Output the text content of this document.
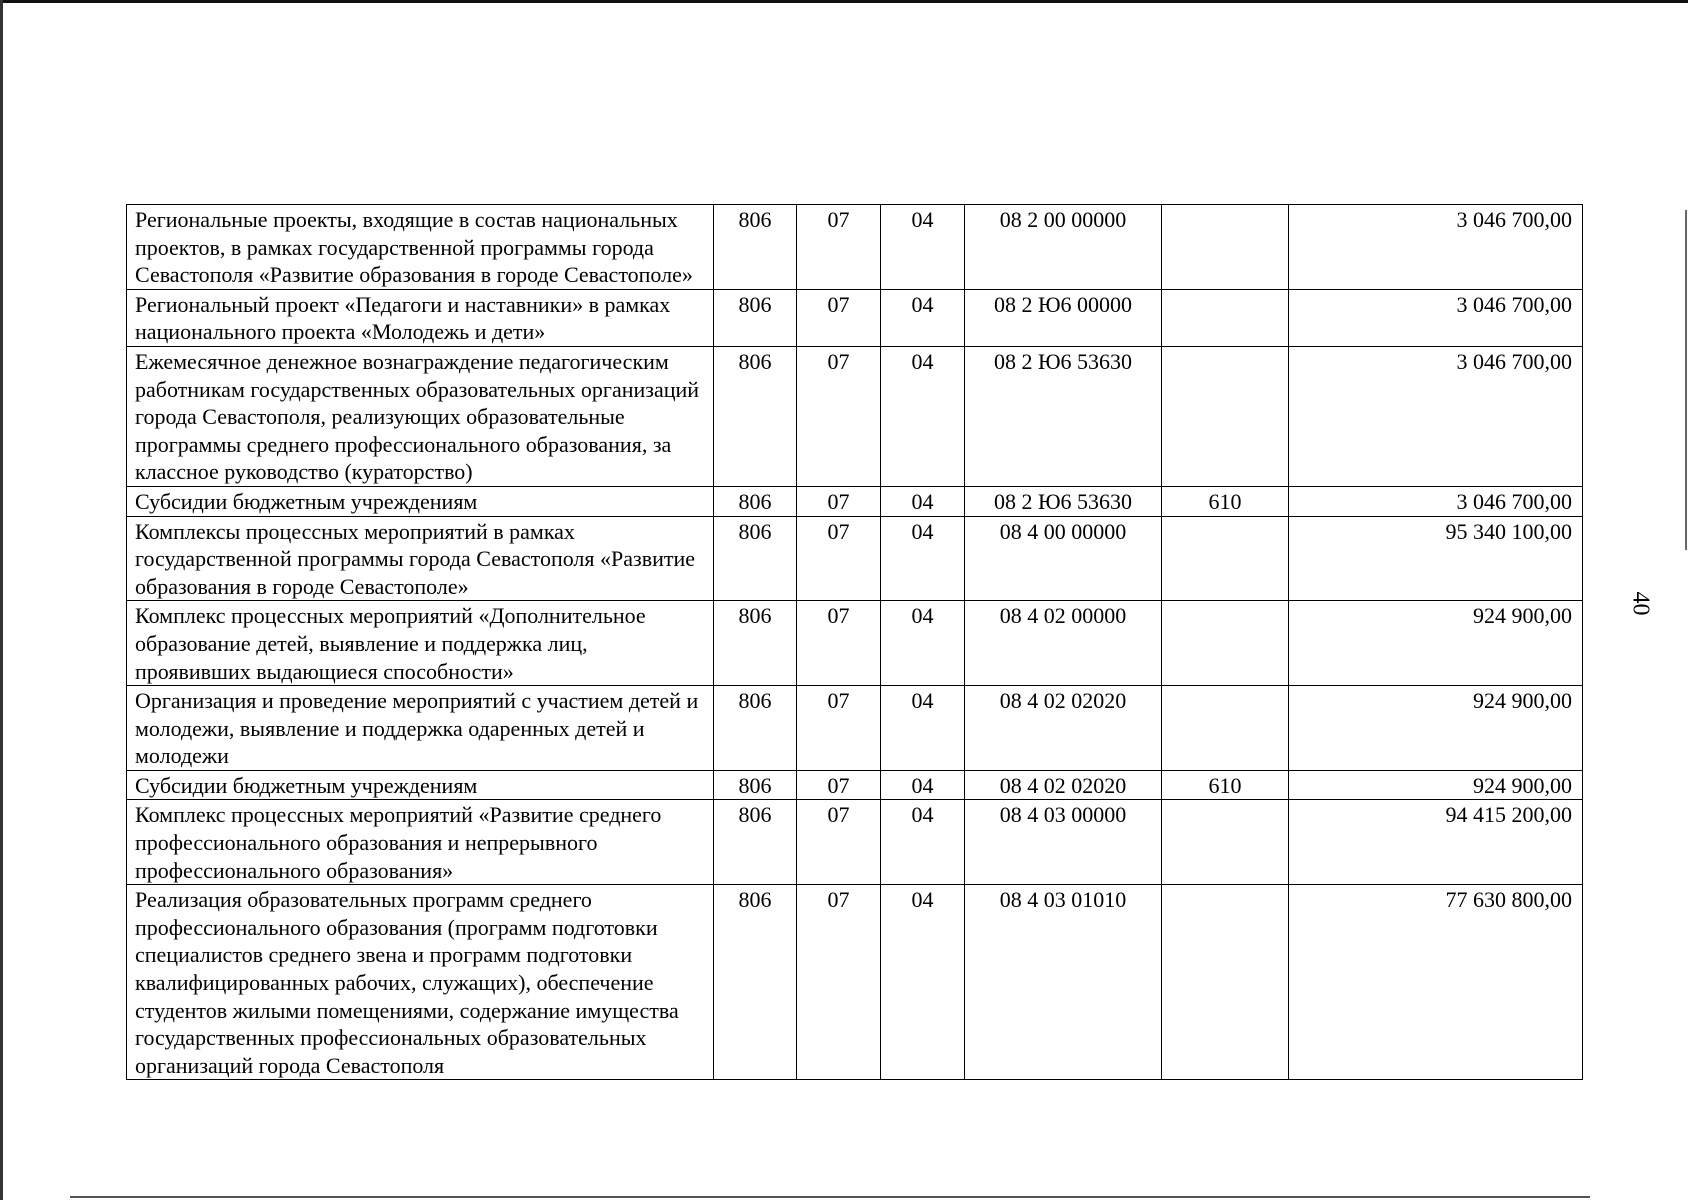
Региональные проекты, входящие в состав национальных проектов, в рамках государственной программы города Севастополя «Развитие образования в городе Севастополе»	806	07	04	08 2 00 00000		3 046 700,00
Региональный проект «Педагоги и наставники» в рамках национального проекта «Молодежь и дети»	806	07	04	08 2 Ю6 00000		3 046 700,00
Ежемесячное денежное вознаграждение педагогическим работникам государственных образовательных организаций города Севастополя, реализующих образовательные программы среднего профессионального образования, за классное руководство (кураторство)	806	07	04	08 2 Ю6 53630		3 046 700,00
Субсидии бюджетным учреждениям	806	07	04	08 2 Ю6 53630	610	3 046 700,00
Комплексы процессных мероприятий в рамках государственной программы города Севастополя «Развитие образования в городе Севастополе»	806	07	04	08 4 00 00000		95 340 100,00
Комплекс процессных мероприятий «Дополнительное образование детей, выявление и поддержка лиц, проявивших выдающиеся способности»	806	07	04	08 4 02 00000		924 900,00
Организация и проведение мероприятий с участием детей и молодежи, выявление и поддержка одаренных детей и молодежи	806	07	04	08 4 02 02020		924 900,00
Субсидии бюджетным учреждениям	806	07	04	08 4 02 02020	610	924 900,00
Комплекс процессных мероприятий «Развитие среднего профессионального образования и непрерывного профессионального образования»	806	07	04	08 4 03 00000		94 415 200,00
Реализация образовательных программ среднего профессионального образования (программ подготовки специалистов среднего звена и программ подготовки квалифицированных рабочих, служащих), обеспечение студентов жилыми помещениями, содержание имущества государственных профессиональных образовательных организаций города Севастополя	806	07	04	08 4 03 01010		77 630 800,00
40
